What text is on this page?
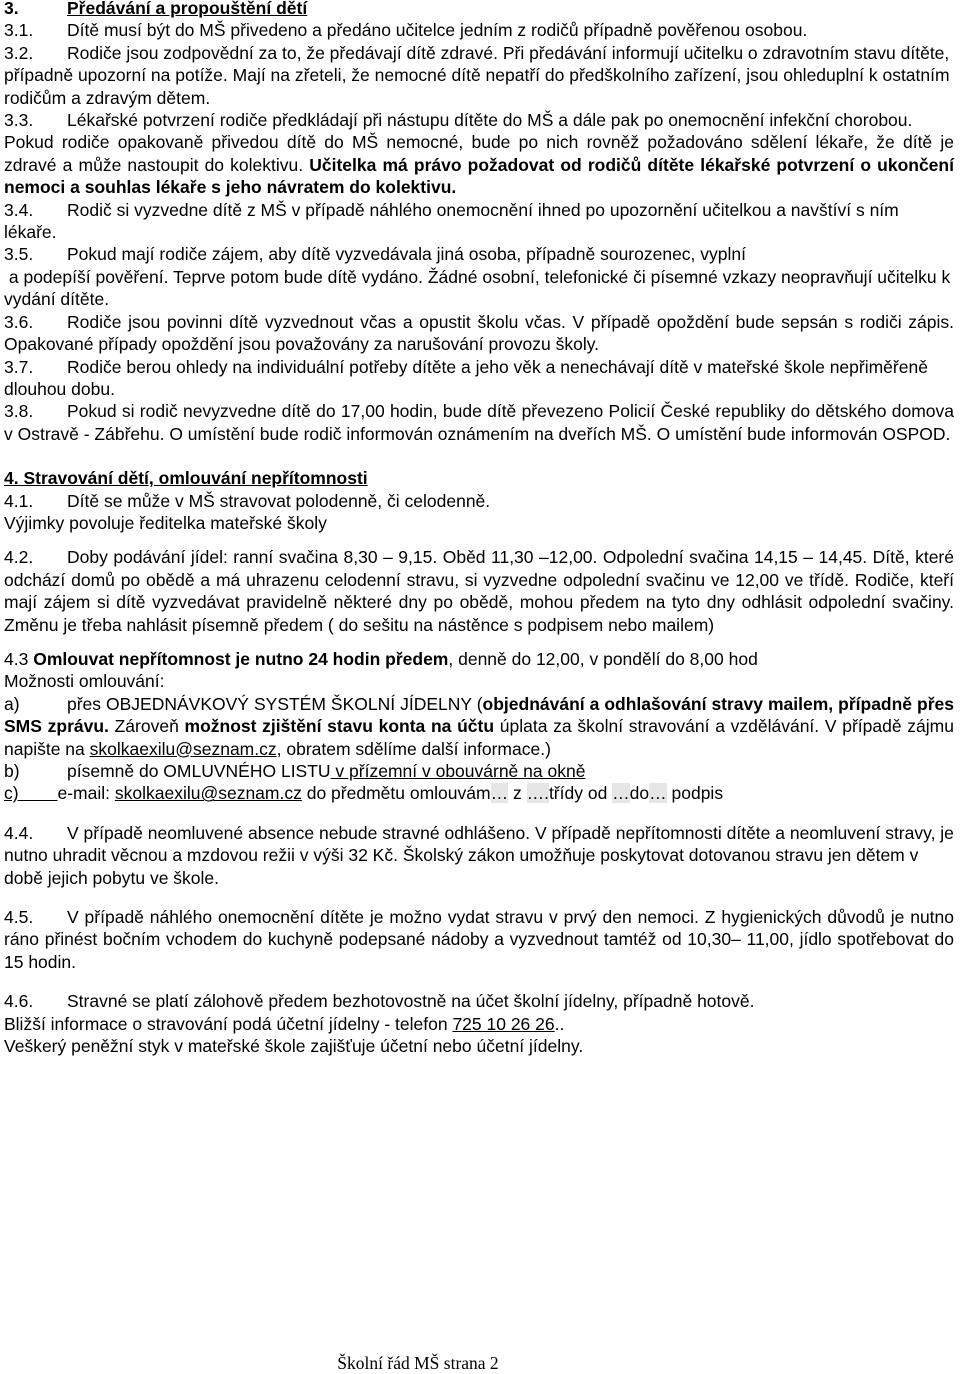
3.	Předávání a propouštění dětí

3.1. Dítě musí být do MŠ přivedeno a předáno učitelce jedním z rodičů případně pověřenou osobou.

3.2. Rodiče jsou zodpovědní za to, že předávají dítě zdravé. Při předávání informují učitelku o zdravotním stavu dítěte, případně upozorní na potíže. Mají na zřeteli, že nemocné dítě nepatří do předškolního zařízení, jsou ohleduplní k ostatním rodičům a zdravým dětem.

3.3. Lékařské potvrzení rodiče předkládají při nástupu dítěte do MŠ a dále pak po onemocnění infekční chorobou.

Pokud rodiče opakovaně přivedou dítě do MŠ nemocné, bude po nich rovněž požadováno sdělení lékaře, že dítě je zdravé a může nastoupit do kolektivu. Učitelka má právo požadovat od rodičů dítěte lékařské potvrzení o ukončení nemoci a souhlas lékaře s jeho návratem do kolektivu.

3.4. Rodič si vyzvedne dítě z MŠ v případě náhlého onemocnění ihned po upozornění učitelkou a navštíví s ním lékaře.

3.5. Pokud mají rodiče zájem, aby dítě vyzvedávala jiná osoba, případně sourozenec, vyplní

a podepíší pověření. Teprve potom bude dítě vydáno. Žádné osobní, telefonické či písemné vzkazy neopravňují učitelku k vydání dítěte.

3.6. Rodiče jsou povinni dítě vyzvednout včas a opustit školu včas. V případě opoždění bude sepsán s rodiči zápis. Opakované případy opoždění jsou považovány za narušování provozu školy.

3.7. Rodiče berou ohledy na individuální potřeby dítěte a jeho věk a nenechávají dítě v mateřské škole nepřiměřeně dlouhou dobu.

3.8. Pokud si rodič nevyzvedne dítě do 17,00 hodin, bude dítě převezeno Policií České republiky do dětského domova v Ostravě - Zábřehu. O umístění bude rodič informován oznámením na dveřích MŠ. O umístění bude informován OSPOD.

4. Stravování dětí, omlouvání nepřítomnosti

4.1. Dítě se může v MŠ stravovat polodenně, či celodenně.

Výjimky povoluje ředitelka mateřské školy

4.2. Doby podávání jídel: ranní svačina 8,30 – 9,15. Oběd 11,30 –12,00. Odpolední svačina 14,15 – 14,45. Dítě, které odchází domů po obědě a má uhrazenu celodenní stravu, si vyzvedne odpolední svačinu ve 12,00 ve třídě. Rodiče, kteří mají zájem si dítě vyzvedávat pravidelně některé dny po obědě, mohou předem na tyto dny odhlásit odpolední svačiny. Změnu je třeba nahlásit písemně předem ( do sešitu na nástěnce s podpisem nebo mailem)

4.3 Omlouvat nepřítomnost je nutno 24 hodin předem, denně do 12,00, v pondělí do 8,00 hod

Možnosti omlouvání:

a)	přes OBJEDNÁVKOVÝ SYSTÉM ŠKOLNÍ JÍDELNY (objednávání a odhlašování stravy mailem, případně přes SMS zprávu. Zároveň možnost zjištění stavu konta na účtu úplata za školní stravování a vzdělávání. V případě zájmu napište na skolkaexilu@seznam.cz, obratem sdělíme další informace.)

b)	písemně do OMLUVNÉHO LISTU v přízemní v obouvárně na okně

c) e-mail: skolkaexilu@seznam.cz do předmětu omlouvám… z ….třídy od …do… podpis

4.4. V případě neomluvené absence nebude stravné odhlášeno. V případě nepřítomnosti dítěte a neomluvení stravy, je nutno uhradit věcnou a mzdovou režii v výši 32 Kč. Školský zákon umožňuje poskytovat dotovanou stravu jen dětem v době jejich pobytu ve škole.

4.5. V případě náhlého onemocnění dítěte je možno vydat stravu v prvý den nemoci. Z hygienických důvodů je nutno ráno přinést bočním vchodem do kuchyně podepsané nádoby a vyzvednout tamtéž od 10,30– 11,00, jídlo spotřebovat do 15 hodin.

4.6. Stravné se platí zálohově předem bezhotovostně na účet školní jídelny, případně hotově.

Bližší informace o stravování podá účetní jídelny - telefon 725 10 26 26..

Veškerý peněžní styk v mateřské škole zajišťuje účetní nebo účetní jídelny.

Školní řád MŠ strana 2
